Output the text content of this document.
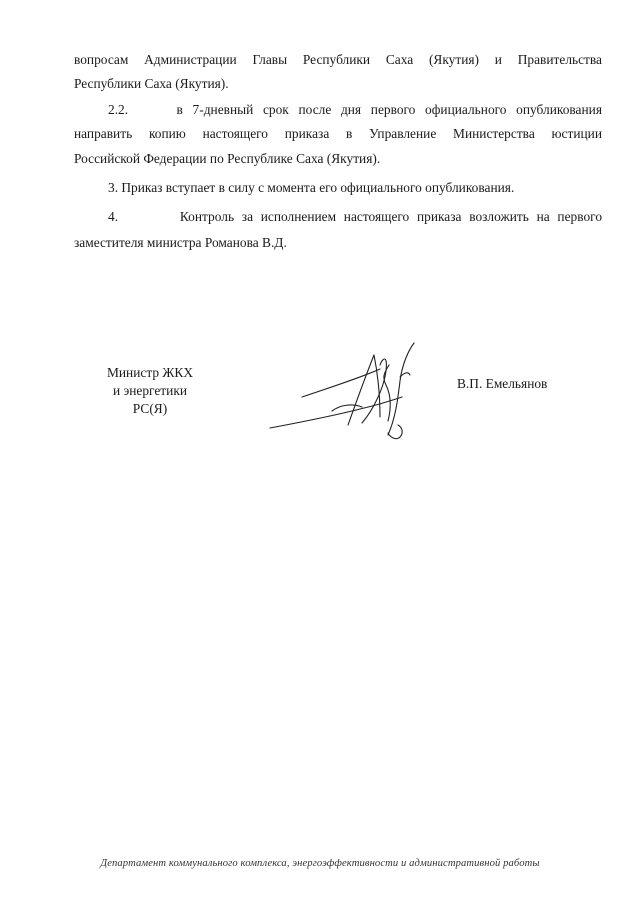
вопросам Администрации Главы Республики Саха (Якутия) и Правительства

Республики Саха (Якутия).

2.2.	в 7-дневный срок после дня первого официального опубликования

направить копию настоящего приказа в Управление Министерства юстиции

Российской Федерации по Республике Саха (Якутия).

3. Приказ вступает в силу с момента его официального опубликования.

4.	Контроль за исполнением настоящего приказа возложить на первого

заместителя министра Романова В.Д.

Министр ЖКХ
и энергетики
РС(Я)
В.П. Емельянов
Департамент коммунального комплекса, энергоэффективности и административной работы
